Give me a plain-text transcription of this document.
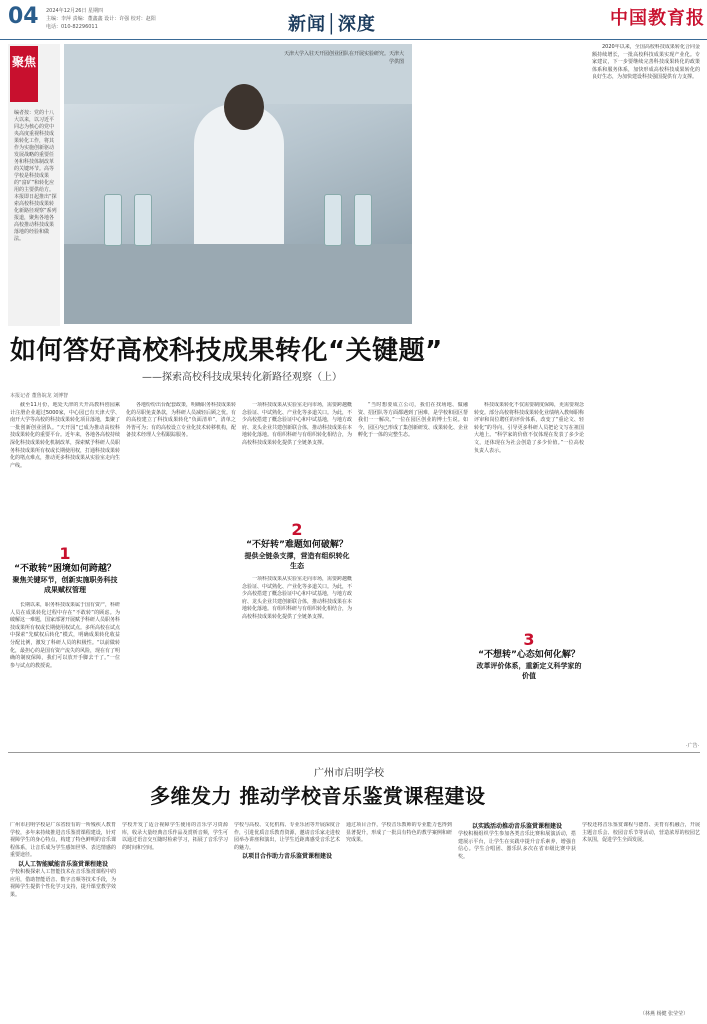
04 2024年12月26日 星期四
主编：李萍 责编：董鑫鑫 设计：许强 校对：赵阳
电话：010-82296011	新闻│深度	中国教育报
聚焦
编者按：党的十八大以来，以习近平同志为核心的党中央高度重视科技成果转化工作，将其作为实施创新驱动发展战略的重要任务和科技体制改革的关键环节。高等学校是科技成果的“富矿”和转化应用的主要供给方。本报即日起推出“探索高校科技成果转化新路径观察”系列报道，聚焦各地各高校推动科技成果落地的经验和做法。
天津大学入驻天开园创业团队在开展实验研究。天津大学供图
如何答好高校科技成果转化“关键题”
——探索高校科技成果转化新路径观察（上）
本报记者 董鲁皖龙 刘博智

截至11月份，地处天津的天开高教科创园累计注册企业超过5000家，中心园已有天津大学、南开大学等高校的科技成果转化项目落地，集聚了一批创新创业团队。“天开园”已成为推动高校科技成果转化的重要平台。近年来，各地各高校持续深化科技成果转化机制改革，探索赋予科研人员职务科技成果所有权或长期使用权，打通科技成果转化的堵点难点，推动更多科技成果从实验室走向生产线。

1
“不敢转”困境如何跨越？
聚焦关键环节，创新实施职务科技成果赋权管理

长期以来，职务科技成果属于国有资产，科研人员在成果转化过程中存在“不敢转”的顾虑。为破解这一难题，国家部署开展赋予科研人员职务科技成果所有权或长期使用权试点。多所高校在试点中探索“先赋权后转化”模式，明确成果转化收益分配比例，激发了科研人员的积极性。“以前做转化，最担心的是国有资产流失的风险，现在有了明确的制度保障，我们可以放开手脚去干了。”一位参与试点的教授说。

各地纷纷出台配套政策，明确职务科技成果转化的尽职免责条款，为科研人员减轻后顾之忧。有的高校建立了科技成果转化“负面清单”，清单之外皆可为；有的高校设立专业化技术转移机构，配备技术经理人全程跟踪服务。

一项科技成果从实验室走向市场，需要跨越概念验证、中试熟化、产业化等多道关口。为此，不少高校搭建了概念验证中心和中试基地，与地方政府、龙头企业共建创新联合体，推动科技成果在本地转化落地。有组织科研与有组织转化相结合，为高校科技成果转化提供了全链条支撑。

2
“不好转”难题如何破解？
提供全链条支撑，营造有组织转化生态

一项科技成果从实验室走向市场，需要跨越概念验证、中试熟化、产业化等多道关口。为此，不少高校搭建了概念验证中心和中试基地，与地方政府、龙头企业共建创新联合体，推动科技成果在本地转化落地。有组织科研与有组织转化相结合，为高校科技成果转化提供了全链条支撑。

“当时想要成立公司，我们在找场地、做融资、招团队等方面都遇到了困难，是学校和园区帮我们一一解决。”一位在园区创业的博士生说。如今，园区内已形成了集创新研发、成果转化、企业孵化于一体的完整生态。

科技成果转化不仅需要制度保障，更需要观念转变。部分高校将科技成果转化业绩纳入教师职称评审和岗位聘任的评价体系，改变了“重论文、轻转化”的导向，引导更多科研人员把论文写在祖国大地上。“科学家的价值不仅体现在发表了多少论文，还体现在为社会创造了多少价值。”一位高校负责人表示。

3
“不想转”心态如何化解？
改革评价体系，重新定义科学家的价值

2020年以来，全国高校科技成果转化合同金额持续增长，一批高校科技成果实现产业化。专家建议，下一步要继续完善科技成果转化的政策体系和服务体系，加快形成高校科技成果转化的良好生态，为加快建设科技强国提供有力支撑。

·广告·
广州市启明学校
多维发力 推动学校音乐鉴赏课程建设

广州市启明学校是广东省较有的一所残疾人教育学校，多年来持续推进音乐鉴赏课程建设，针对视障学生的身心特点，构建了特色鲜明的音乐课程体系，让音乐成为学生感知世界、表达情感的重要途径。

以人工智能赋能音乐鉴赏课程建设

学校积极探索人工智能技术在音乐鉴赏课程中的应用，借助智能语音、数字音频等技术手段，为视障学生提供个性化学习支持，提升课堂教学效果。

学校开发了适合视障学生使用的音乐学习资源库，收录大量经典音乐作品及赏析音频，学生可以通过语音交互随时检索学习，拓展了音乐学习的时间和空间。

学校与高校、文化机构、专业乐团等开展深度合作，引进优质音乐教育资源，邀请音乐家走进校园举办讲座和演出，让学生近距离感受音乐艺术的魅力。

以项目合作助力音乐鉴赏课程建设

通过项目合作，学校音乐教师的专业能力也得到显著提升，形成了一批具有特色的教学案例和研究成果。

以实践活动推动音乐鉴赏课程建设

学校积极组织学生参加各类音乐比赛和展演活动，搭建展示平台，让学生在实践中提升音乐素养，增强自信心。学生合唱团、器乐队多次在省市级比赛中获奖。

学校还将音乐鉴赏课程与德育、美育有机融合，开展主题音乐会、校园音乐节等活动，营造浓厚的校园艺术氛围，促进学生全面发展。

（林燕 杨健 张莹莹）
